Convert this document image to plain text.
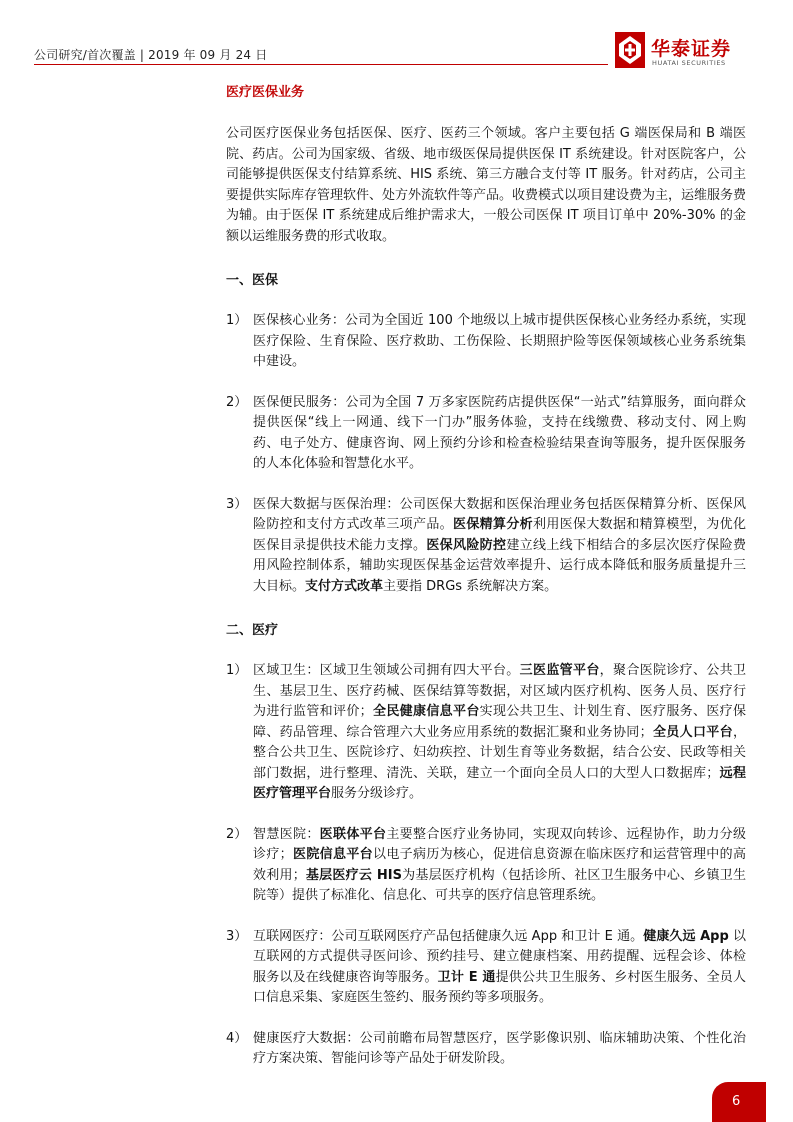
公司研究/首次覆盖 | 2019 年 09 月 24 日	华泰证券
HUATAI SECURITIES

医疗医保业务

公司医疗医保业务包括医保、医疗、医药三个领域。客户主要包括 G 端医保局和 B 端医院、药店。公司为国家级、省级、地市级医保局提供医保 IT 系统建设。针对医院客户，公司能够提供医保支付结算系统、HIS 系统、第三方融合支付等 IT 服务。针对药店，公司主要提供实际库存管理软件、处方外流软件等产品。收费模式以项目建设费为主，运维服务费为辅。由于医保 IT 系统建成后维护需求大，一般公司医保 IT 项目订单中 20%-30% 的金额以运维服务费的形式收取。

一、医保

1） 医保核心业务：公司为全国近 100 个地级以上城市提供医保核心业务经办系统，实现医疗保险、生育保险、医疗救助、工伤保险、长期照护险等医保领域核心业务系统集中建设。
2） 医保便民服务：公司为全国 7 万多家医院药店提供医保“一站式”结算服务，面向群众提供医保“线上一网通、线下一门办”服务体验，支持在线缴费、移动支付、网上购药、电子处方、健康咨询、网上预约分诊和检查检验结果查询等服务，提升医保服务的人本化体验和智慧化水平。
3） 医保大数据与医保治理：公司医保大数据和医保治理业务包括医保精算分析、医保风险防控和支付方式改革三项产品。医保精算分析利用医保大数据和精算模型，为优化医保目录提供技术能力支撑。医保风险防控建立线上线下相结合的多层次医疗保险费用风险控制体系，辅助实现医保基金运营效率提升、运行成本降低和服务质量提升三大目标。支付方式改革主要指 DRGs 系统解决方案。

二、医疗

1） 区域卫生：区域卫生领域公司拥有四大平台。三医监管平台，聚合医院诊疗、公共卫生、基层卫生、医疗药械、医保结算等数据，对区域内医疗机构、医务人员、医疗行为进行监管和评价；全民健康信息平台实现公共卫生、计划生育、医疗服务、医疗保障、药品管理、综合管理六大业务应用系统的数据汇聚和业务协同；全员人口平台，整合公共卫生、医院诊疗、妇幼疾控、计划生育等业务数据，结合公安、民政等相关部门数据，进行整理、清洗、关联，建立一个面向全员人口的大型人口数据库；远程医疗管理平台服务分级诊疗。
2） 智慧医院：医联体平台主要整合医疗业务协同，实现双向转诊、远程协作，助力分级诊疗；医院信息平台以电子病历为核心，促进信息资源在临床医疗和运营管理中的高效利用；基层医疗云 HIS为基层医疗机构（包括诊所、社区卫生服务中心、乡镇卫生院等）提供了标准化、信息化、可共享的医疗信息管理系统。
3） 互联网医疗：公司互联网医疗产品包括健康久远 App 和卫计 E 通。健康久远 App 以互联网的方式提供寻医问诊、预约挂号、建立健康档案、用药提醒、远程会诊、体检服务以及在线健康咨询等服务。卫计 E 通提供公共卫生服务、乡村医生服务、全员人口信息采集、家庭医生签约、服务预约等多项服务。
4） 健康医疗大数据：公司前瞻布局智慧医疗，医学影像识别、临床辅助决策、个性化治疗方案决策、智能问诊等产品处于研发阶段。
6
